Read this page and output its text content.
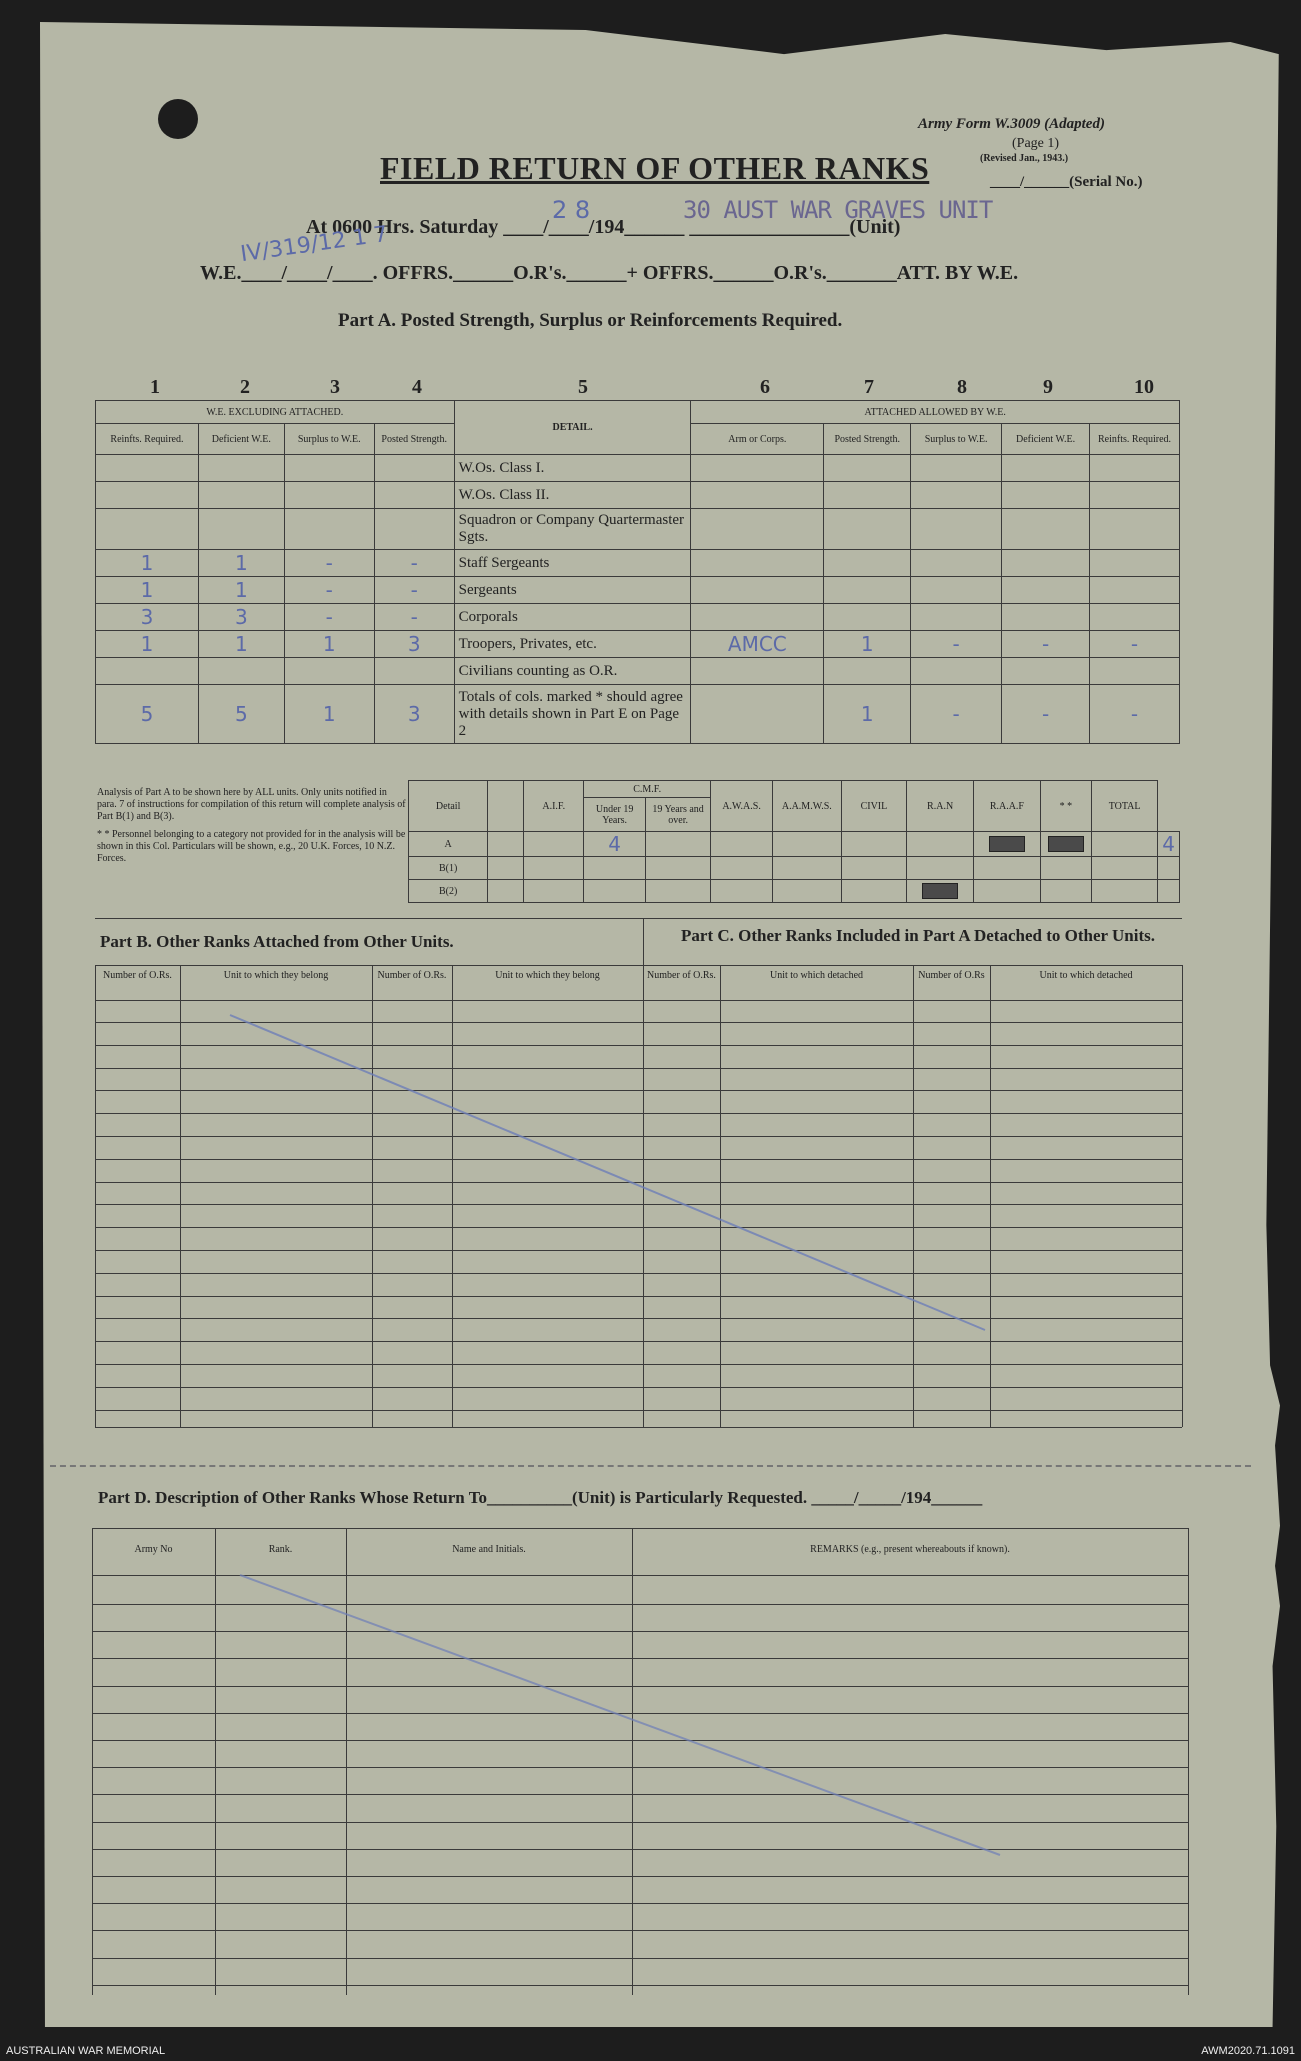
Army Form W.3009 (Adapted)
(Page 1)
(Revised Jan., 1943.)
____/______(Serial No.)
FIELD RETURN OF OTHER RANKS
At 0600 Hrs. Saturday ____/____/194______ ________________(Unit)
30 AUST WAR GRAVES UNIT
2 8
W.E.____/____/____. OFFRS.______O.R's.______+ OFFRS.______O.R's._______ATT. BY W.E.
IV/319/12 1 7
Part A. Posted Strength, Surplus or Reinforcements Required.
1	2	3	4	5	6	7	8	9	10
W.E. EXCLUDING ATTACHED.				DETAIL.	ATTACHED ALLOWED BY W.E.				
Reinfts. Required.	Deficient W.E.	Surplus to W.E.	Posted Strength.		Arm or Corps.	Posted Strength.	Surplus to W.E.	Deficient W.E.	Reinfts. Required.
				W.Os. Class I.					
				W.Os. Class II.					
				Squadron or Company Quartermaster Sgts.					
1	1	-	-	Staff Sergeants					
1	1	-	-	Sergeants					
3	3	-	-	Corporals					
1	1	1	3	Troopers, Privates, etc.	AMCC	1	-	-	-
				Civilians counting as O.R.					
5	5	1	3	Totals of cols. marked * should agree with details shown in Part E on Page 2		1	-	-	-
Analysis of Part A to be shown here by ALL units. Only units notified in para. 7 of instructions for compilation of this return will complete analysis of Part B(1) and B(3).
* * Personnel belonging to a category not provided for in the analysis will be shown in this Col. Particulars will be shown, e.g., 20 U.K. Forces, 10 N.Z. Forces.
Detail		A.I.F.	C.M.F.		A.W.A.S.	A.A.M.W.S.	CIVIL	R.A.N	R.A.A.F	* *	TOTAL	
			Under 19 Years.	19 Years and over.								
A			4									4
B(1)												
B(2)								

Part B. Other Ranks Attached from Other Units.	Part C. Other Ranks Included in Part A Detached to Other Units.
Number of O.Rs.	Unit to which they belong	Number of O.Rs.	Unit to which they belong	Number of O.Rs.	Unit to which detached	Number of O.Rs	Unit to which detached
Part D. Description of Other Ranks Whose Return To__________(Unit) is Particularly Requested. _____/_____/194______
Army No	Rank.	Name and Initials.	REMARKS (e.g., present whereabouts if known).
AUSTRALIAN WAR MEMORIAL	AWM2020.71.1091
